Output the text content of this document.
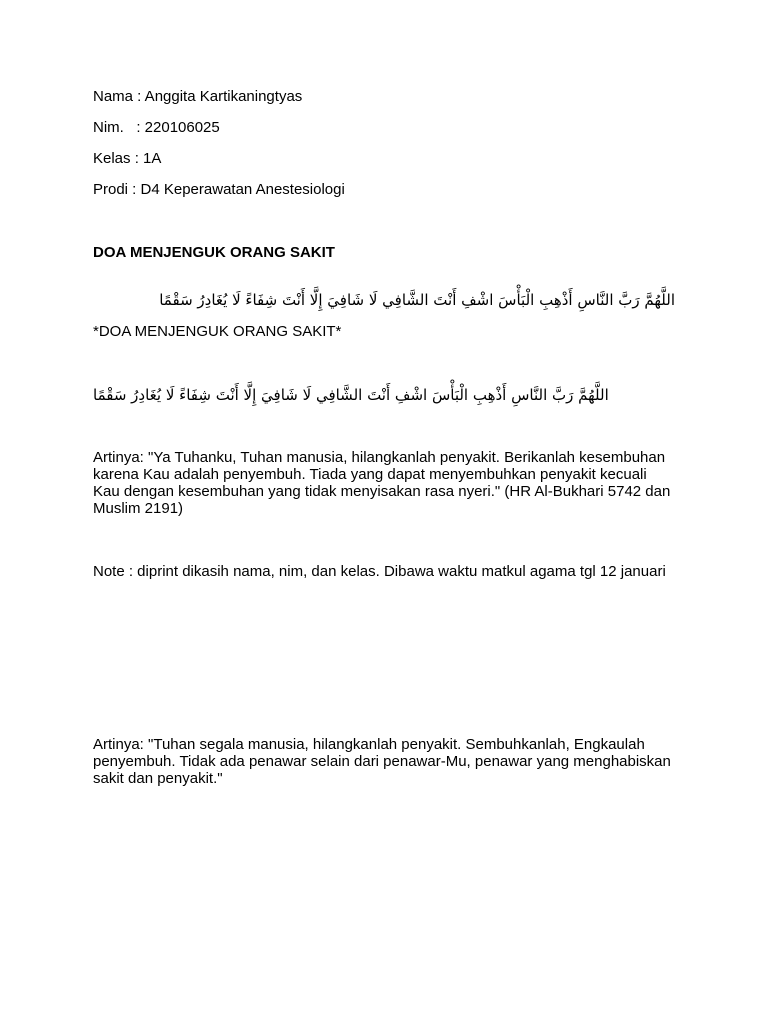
Nama : Anggita Kartikaningtyas
Nim.   : 220106025
Kelas : 1A
Prodi : D4 Keperawatan Anestesiologi
DOA MENJENGUK ORANG SAKIT
اللَّهُمَّ رَبَّ النَّاسِ أَذْهِبِ الْبَأْسَ اشْفِ أَنْتَ الشَّافِي لَا شَافِيَ إِلَّا أَنْتَ شِفَاءً لَا يُغَادِرُ سَقْمًا
*DOA MENJENGUK ORANG SAKIT*
اللَّهُمَّ رَبَّ النَّاسِ أَذْهِبِ الْبَأْسَ اشْفِ أَنْتَ الشَّافِي لَا شَافِيَ إِلَّا أَنْتَ شِفَاءً لَا يُغَادِرُ سَقْمًا
Artinya: "Ya Tuhanku, Tuhan manusia, hilangkanlah penyakit. Berikanlah kesembuhan karena Kau adalah penyembuh. Tiada yang dapat menyembuhkan penyakit kecuali Kau dengan kesembuhan yang tidak menyisakan rasa nyeri." (HR Al-Bukhari 5742 dan Muslim 2191)
Note : diprint dikasih nama, nim, dan kelas. Dibawa waktu matkul agama tgl 12 januari
Artinya: "Tuhan segala manusia, hilangkanlah penyakit. Sembuhkanlah, Engkaulah penyembuh. Tidak ada penawar selain dari penawar-Mu, penawar yang menghabiskan sakit dan penyakit."
